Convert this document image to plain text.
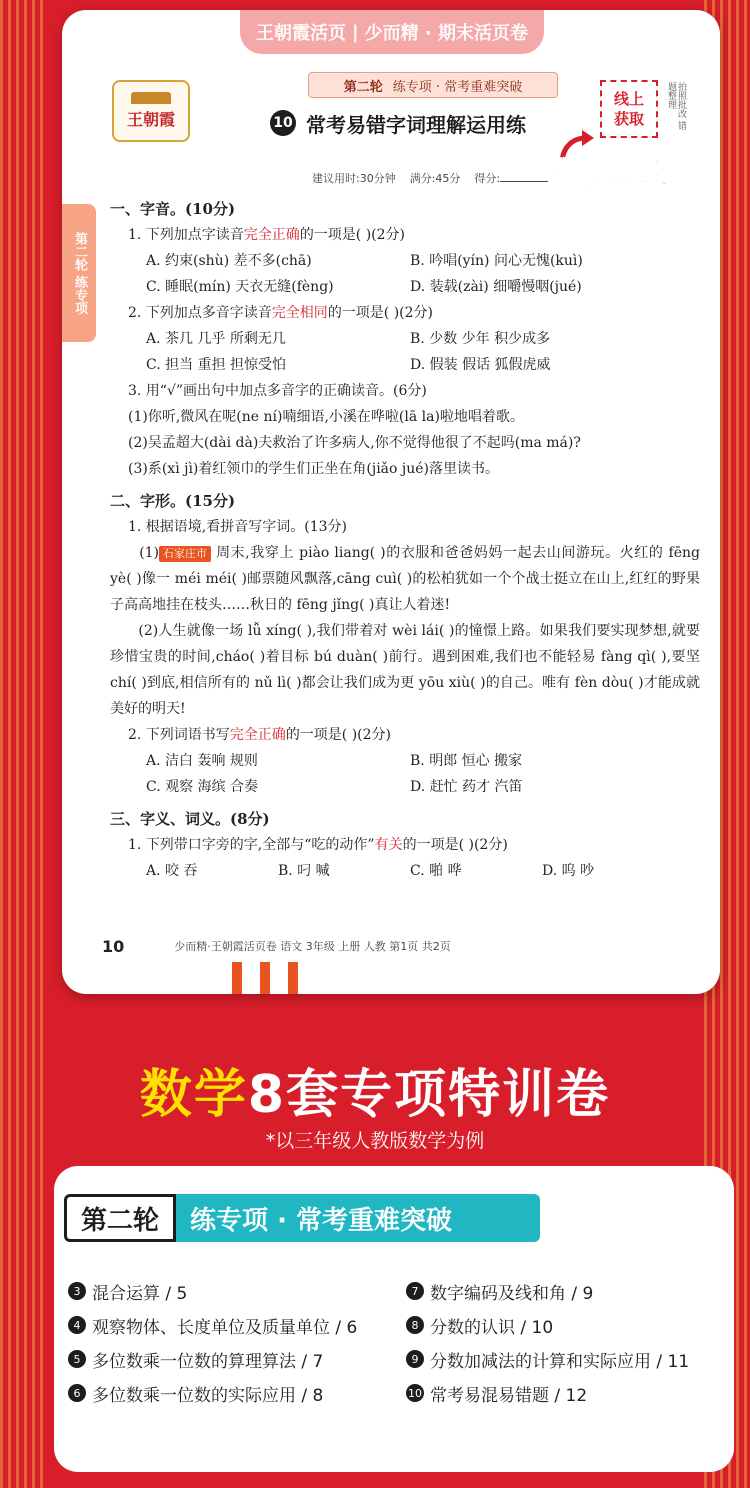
王朝霞活页 | 少而精 · 期末活页卷
王朝霞
第二轮 练专项 · 常考重难突破
10 常考易错字词理解运用练
线上
获取	拍照批改 错题整理
拍照批改
建议用时:30分钟 满分:45分 得分:
第二轮 练专项
一、字音。(10分)
1. 下列加点字读音完全正确的一项是( )(2分)
A. 约束(shù) 差不多(chā)	B. 吟唱(yín) 问心无愧(kuì)
C. 睡眠(mín) 天衣无缝(fèng)	D. 装载(zài) 细嚼慢咽(jué)
2. 下列加点多音字读音完全相同的一项是( )(2分)
A. 茶几 几乎 所剩无几	B. 少数 少年 积少成多
C. 担当 重担 担惊受怕	D. 假装 假话 狐假虎威
3. 用“√”画出句中加点多音字的正确读音。(6分)
(1)你听,微风在呢(ne ní)喃细语,小溪在哗啦(lā la)啦地唱着歌。
(2)吴孟超大(dài dà)夫救治了许多病人,你不觉得他很了不起吗(ma má)?
(3)系(xì jì)着红领巾的学生们正坐在角(jiǎo jué)落里读书。
二、字形。(15分)
1. 根据语境,看拼音写字词。(13分)
　　(1) 石家庄市 周末,我穿上 piào liang( )的衣服和爸爸妈妈一起去山间游玩。火红的 fēng yè( )像一 méi méi( )邮票随风飘落,cāng cuì( )的松柏犹如一个个战士挺立在山上,红红的野果子高高地挂在枝头……秋日的 fēng jǐng( )真让人着迷!
　　(2)人生就像一场 lǚ xíng( ),我们带着对 wèi lái( )的憧憬上路。如果我们要实现梦想,就要珍惜宝贵的时间,cháo( )着目标 bú duàn( )前行。遇到困难,我们也不能轻易 fàng qì( ),要坚 chí( )到底,相信所有的 nǔ lì( )都会让我们成为更 yōu xiù( )的自己。唯有 fèn dòu( )才能成就美好的明天!
2. 下列词语书写完全正确的一项是( )(2分)
A. 洁白 轰响 规则	B. 明郎 恒心 搬家
C. 观察 海缤 合奏	D. 赶忙 药才 汽笛
三、字义、词义。(8分)
1. 下列带口字旁的字,全部与“吃的动作”有关的一项是( )(2分)
A. 咬 吞	B. 叼 喊	C. 啪 哗	D. 呜 吵
10	少而精·王朝霞活页卷 语文 3年级 上册 人教 第1页 共2页
数学8套专项特训卷
*以三年级人教版数学为例
第二轮	练专项 · 常考重难突破
3 混合运算 / 5	7 数字编码及线和角 / 9
4 观察物体、长度单位及质量单位 / 6	8 分数的认识 / 10
5 多位数乘一位数的算理算法 / 7	9 分数加减法的计算和实际应用 / 11
6 多位数乘一位数的实际应用 / 8	10 常考易混易错题 / 12
